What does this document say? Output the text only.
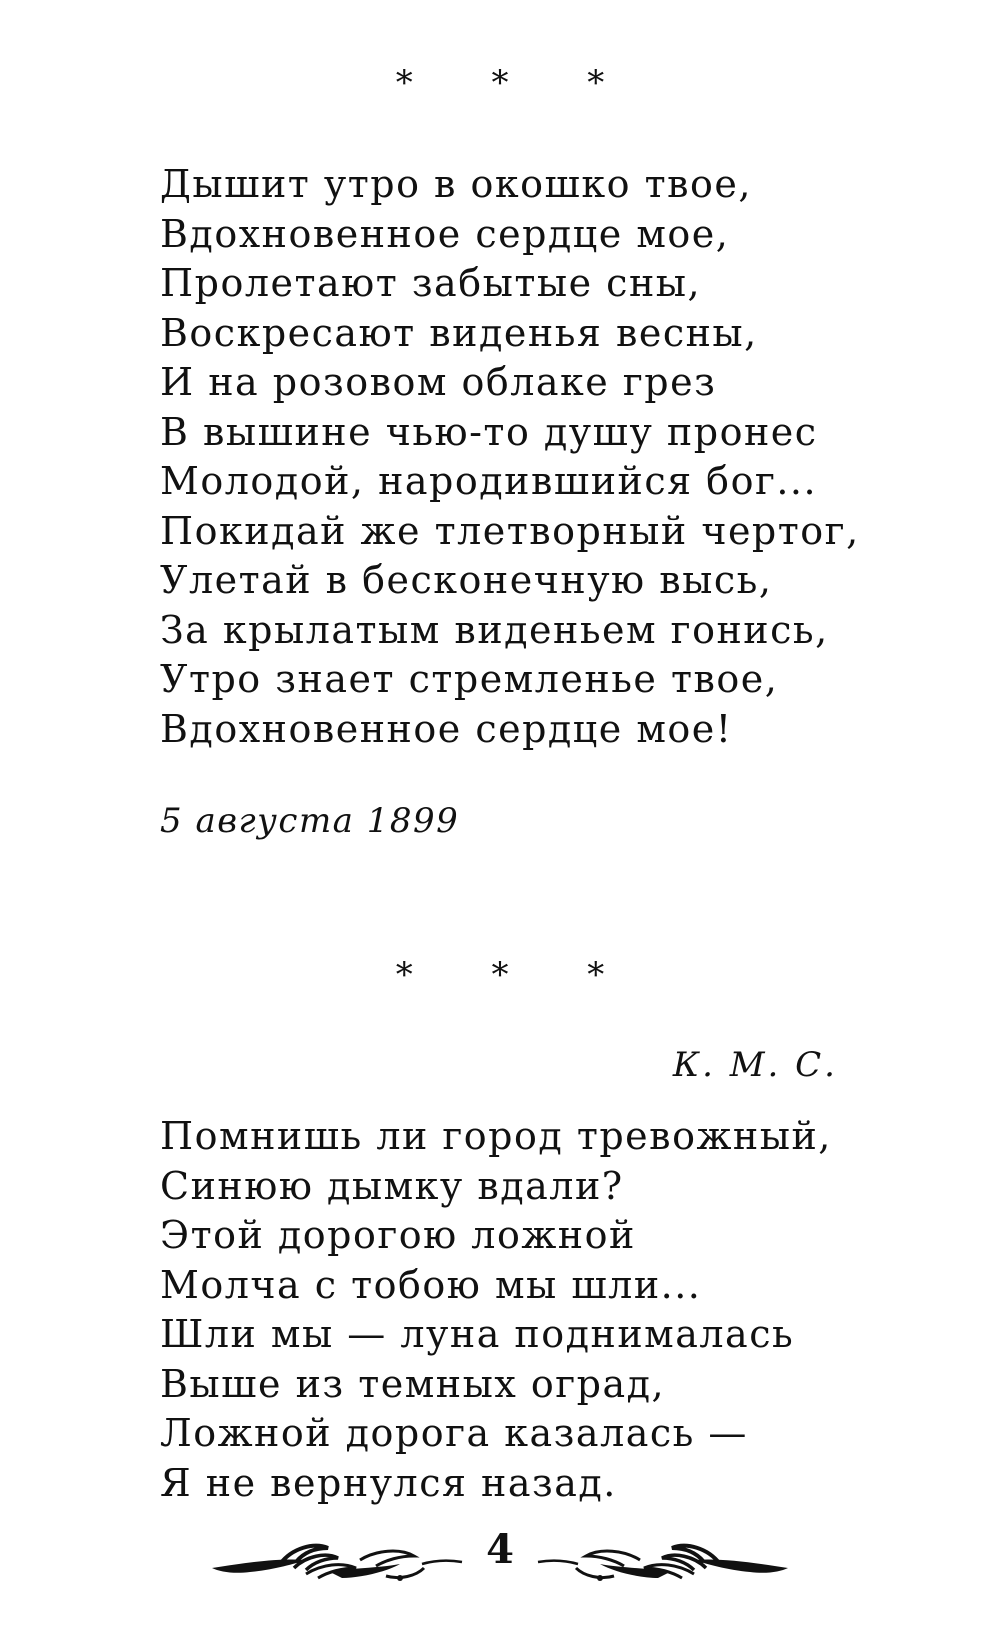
* * *
Дышит утро в окошко твое,
Вдохновенное сердце мое,
Пролетают забытые сны,
Воскресают виденья весны,
И на розовом облаке грез
В вышине чью-то душу пронес
Молодой, народившийся бог...
Покидай же тлетворный чертог,
Улетай в бесконечную высь,
За крылатым виденьем гонись,
Утро знает стремленье твое,
Вдохновенное сердце мое!
5 августа 1899
* * *
К. М. С.
Помнишь ли город тревожный,
Синюю дымку вдали?
Этой дорогою ложной
Молча с тобою мы шли...
Шли мы — луна поднималась
Выше из темных оград,
Ложной дорога казалась —
Я не вернулся назад.
4
